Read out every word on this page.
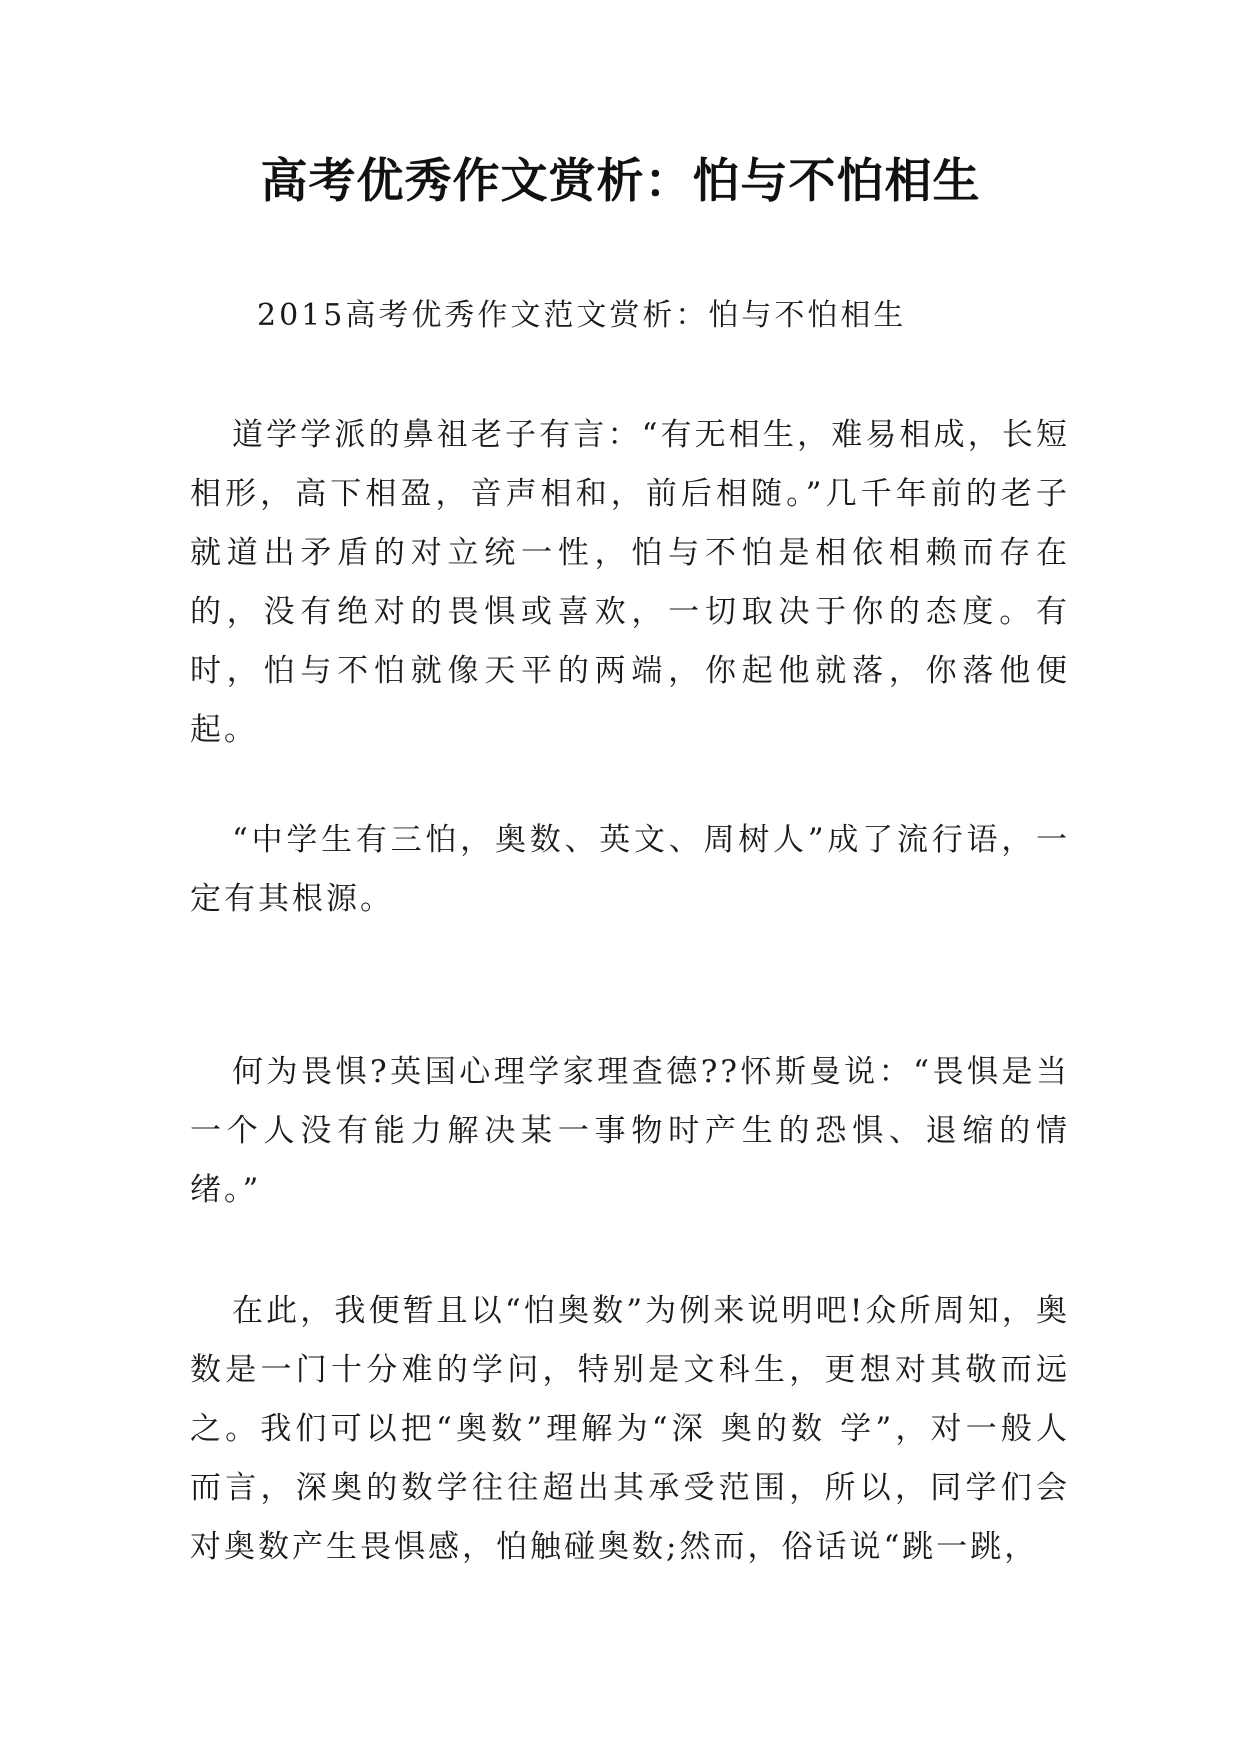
高考优秀作文赏析：怕与不怕相生
2015高考优秀作文范文赏析：怕与不怕相生

道学学派的鼻祖老子有言：“有无相生，难易相成，长短相形，高下相盈，音声相和，前后相随。”几千年前的老子就道出矛盾的对立统一性，怕与不怕是相依相赖而存在的，没有绝对的畏惧或喜欢，一切取决于你的态度。有时，怕与不怕就像天平的两端，你起他就落，你落他便起。

“中学生有三怕，奥数、英文、周树人”成了流行语，一定有其根源。

何为畏惧?英国心理学家理查德??怀斯曼说：“畏惧是当一个人没有能力解决某一事物时产生的恐惧、退缩的情绪。”

在此，我便暂且以“怕奥数”为例来说明吧!众所周知，奥数是一门十分难的学问，特别是文科生，更想对其敬而远之。我们可以把“奥数”理解为“深 奥的数 学”，对一般人而言，深奥的数学往往超出其承受范围，所以，同学们会对奥数产生畏惧感，怕触碰奥数;然而，俗话说“跳一跳，
